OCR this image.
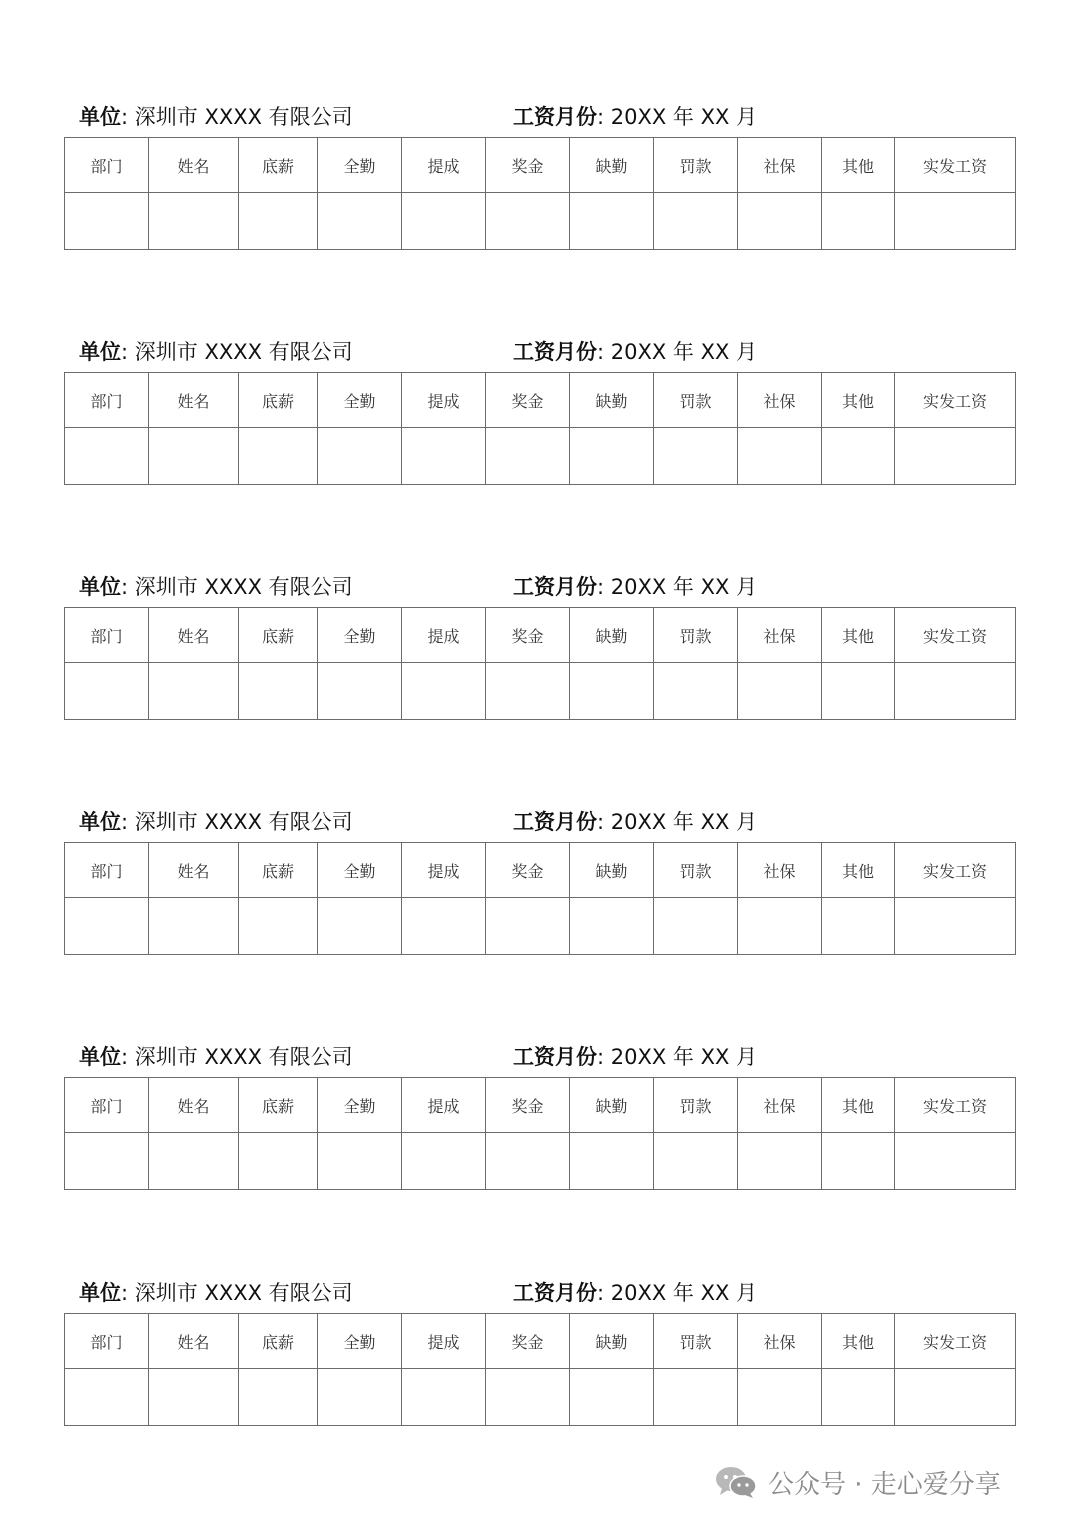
单位: 深圳市 XXXX 有限公司	工资月份: 20XX 年 XX 月
部门	姓名	底薪	全勤	提成	奖金	缺勤	罚款	社保	其他	实发工资

单位: 深圳市 XXXX 有限公司	工资月份: 20XX 年 XX 月
部门	姓名	底薪	全勤	提成	奖金	缺勤	罚款	社保	其他	实发工资

单位: 深圳市 XXXX 有限公司	工资月份: 20XX 年 XX 月
部门	姓名	底薪	全勤	提成	奖金	缺勤	罚款	社保	其他	实发工资

单位: 深圳市 XXXX 有限公司	工资月份: 20XX 年 XX 月
部门	姓名	底薪	全勤	提成	奖金	缺勤	罚款	社保	其他	实发工资

单位: 深圳市 XXXX 有限公司	工资月份: 20XX 年 XX 月
部门	姓名	底薪	全勤	提成	奖金	缺勤	罚款	社保	其他	实发工资

单位: 深圳市 XXXX 有限公司	工资月份: 20XX 年 XX 月
部门	姓名	底薪	全勤	提成	奖金	缺勤	罚款	社保	其他	实发工资

公众号 · 走心爱分享
